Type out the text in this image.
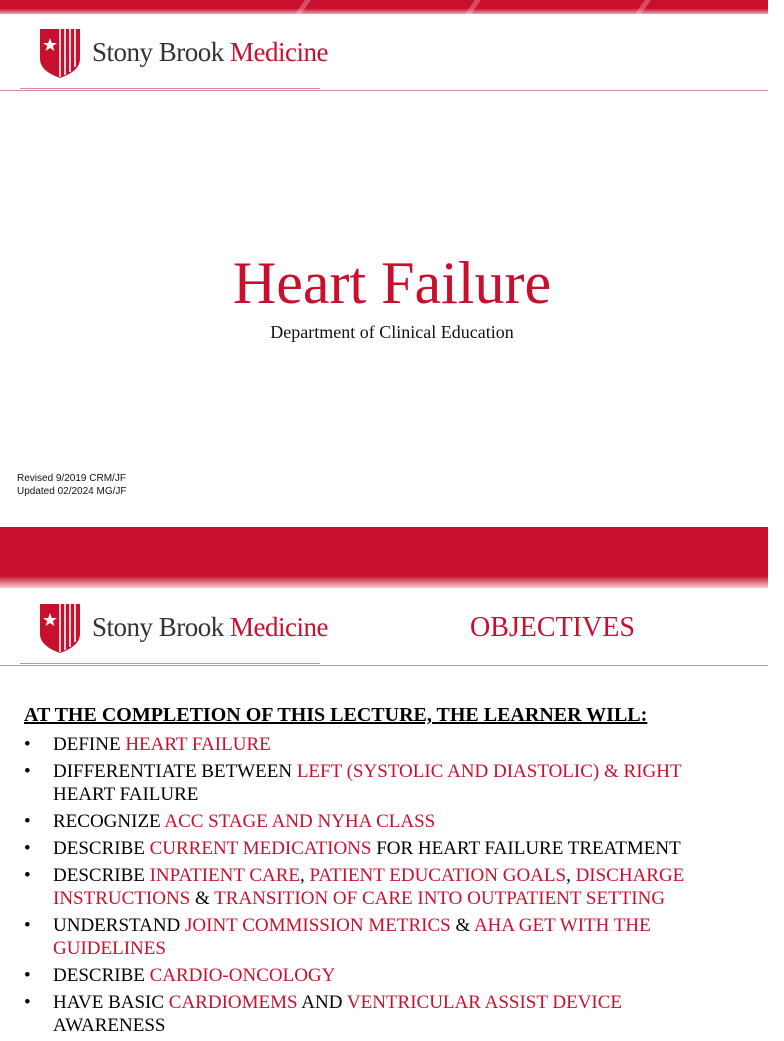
Stony Brook Medicine
Heart Failure
Department of Clinical Education
Revised 9/2019 CRM/JF
Updated 02/2024 MG/JF
Stony Brook Medicine	OBJECTIVES
AT THE COMPLETION OF THIS LECTURE, THE LEARNER WILL:
• DEFINE HEART FAILURE
• DIFFERENTIATE BETWEEN LEFT (SYSTOLIC AND DIASTOLIC) & RIGHT HEART FAILURE
• RECOGNIZE ACC STAGE AND NYHA CLASS
• DESCRIBE CURRENT MEDICATIONS FOR HEART FAILURE TREATMENT
• DESCRIBE INPATIENT CARE, PATIENT EDUCATION GOALS, DISCHARGE INSTRUCTIONS & TRANSITION OF CARE INTO OUTPATIENT SETTING
• UNDERSTAND JOINT COMMISSION METRICS & AHA GET WITH THE GUIDELINES
• DESCRIBE CARDIO-ONCOLOGY
• HAVE BASIC CARDIOMEMS AND VENTRICULAR ASSIST DEVICE AWARENESS
